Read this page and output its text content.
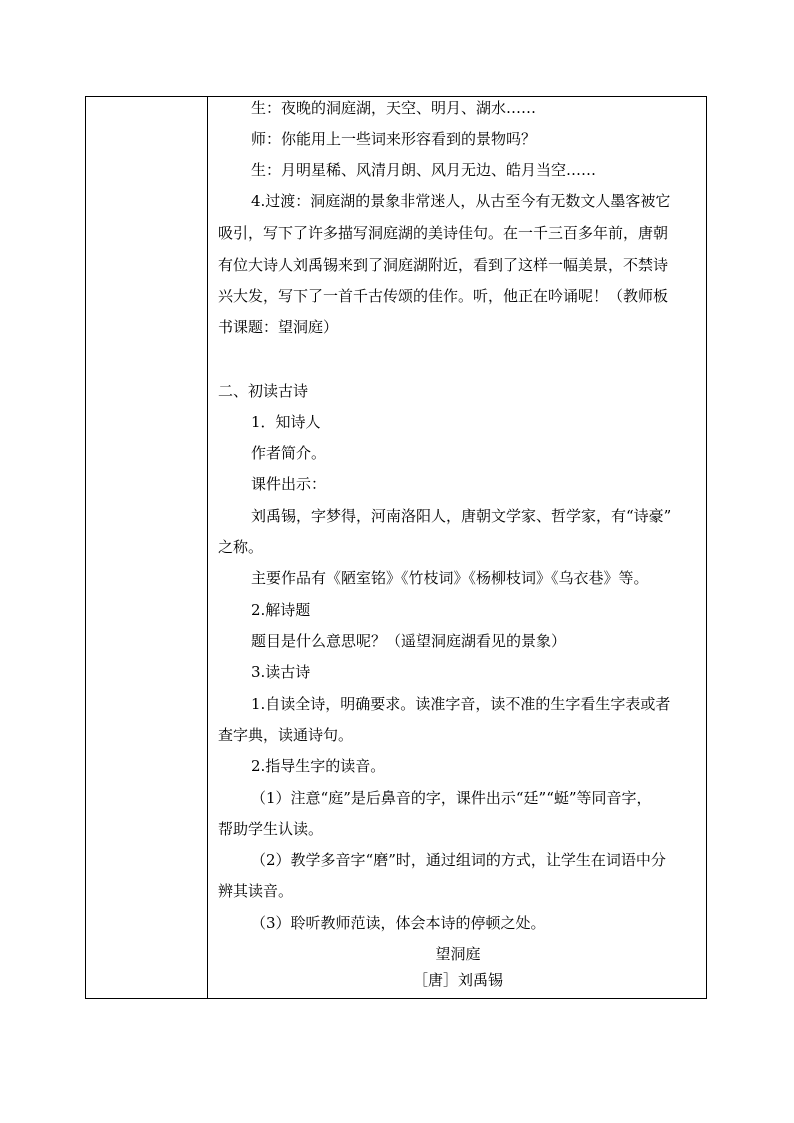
生：夜晚的洞庭湖，天空、明月、湖水……
师：你能用上一些词来形容看到的景物吗？
生：月明星稀、风清月朗、风月无边、皓月当空……
4.过渡：洞庭湖的景象非常迷人，从古至今有无数文人墨客被它
吸引，写下了许多描写洞庭湖的美诗佳句。在一千三百多年前，唐朝
有位大诗人刘禹锡来到了洞庭湖附近，看到了这样一幅美景，不禁诗
兴大发，写下了一首千古传颂的佳作。听，他正在吟诵呢！（教师板
书课题：望洞庭）
二、初读古诗
1．知诗人
作者简介。
课件出示：
刘禹锡，字梦得，河南洛阳人，唐朝文学家、哲学家，有“诗豪”
之称。
主要作品有《陋室铭》《竹枝词》《杨柳枝词》《乌衣巷》等。
2.解诗题
题目是什么意思呢？（遥望洞庭湖看见的景象）
3.读古诗
1.自读全诗，明确要求。读准字音，读不准的生字看生字表或者
查字典，读通诗句。
2.指导生字的读音。
（1）注意“庭”是后鼻音的字，课件出示“廷”“蜓”等同音字，
帮助学生认读。
（2）教学多音字“磨”时，通过组词的方式，让学生在词语中分
辨其读音。
（3）聆听教师范读，体会本诗的停顿之处。
望洞庭
［唐］刘禹锡
